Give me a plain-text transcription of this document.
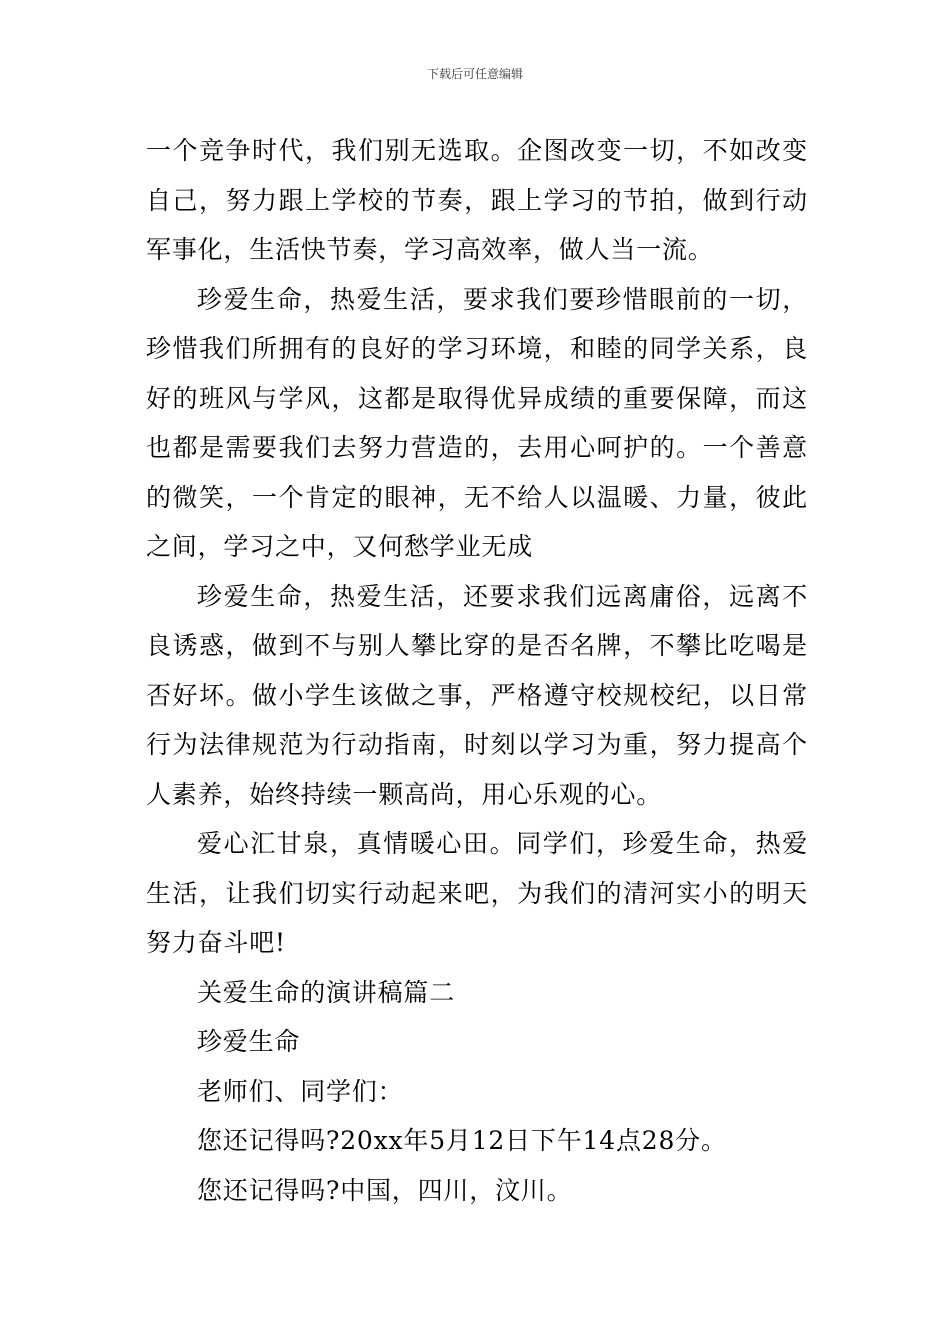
下载后可任意编辑

一个竞争时代，我们别无选取。企图改变一切，不如改变自己，努力跟上学校的节奏，跟上学习的节拍，做到行动军事化，生活快节奏，学习高效率，做人当一流。

珍爱生命，热爱生活，要求我们要珍惜眼前的一切，珍惜我们所拥有的良好的学习环境，和睦的同学关系，良好的班风与学风，这都是取得优异成绩的重要保障，而这也都是需要我们去努力营造的，去用心呵护的。一个善意的微笑，一个肯定的眼神，无不给人以温暖、力量，彼此之间，学习之中，又何愁学业无成

珍爱生命，热爱生活，还要求我们远离庸俗，远离不良诱惑，做到不与别人攀比穿的是否名牌，不攀比吃喝是否好坏。做小学生该做之事，严格遵守校规校纪，以日常行为法律规范为行动指南，时刻以学习为重，努力提高个人素养，始终持续一颗高尚，用心乐观的心。

爱心汇甘泉，真情暖心田。同学们，珍爱生命，热爱生活，让我们切实行动起来吧，为我们的清河实小的明天努力奋斗吧!

关爱生命的演讲稿篇二

珍爱生命

老师们、同学们：

您还记得吗?20xx年5月12日下午14点28分。

您还记得吗?中国，四川，汶川。
